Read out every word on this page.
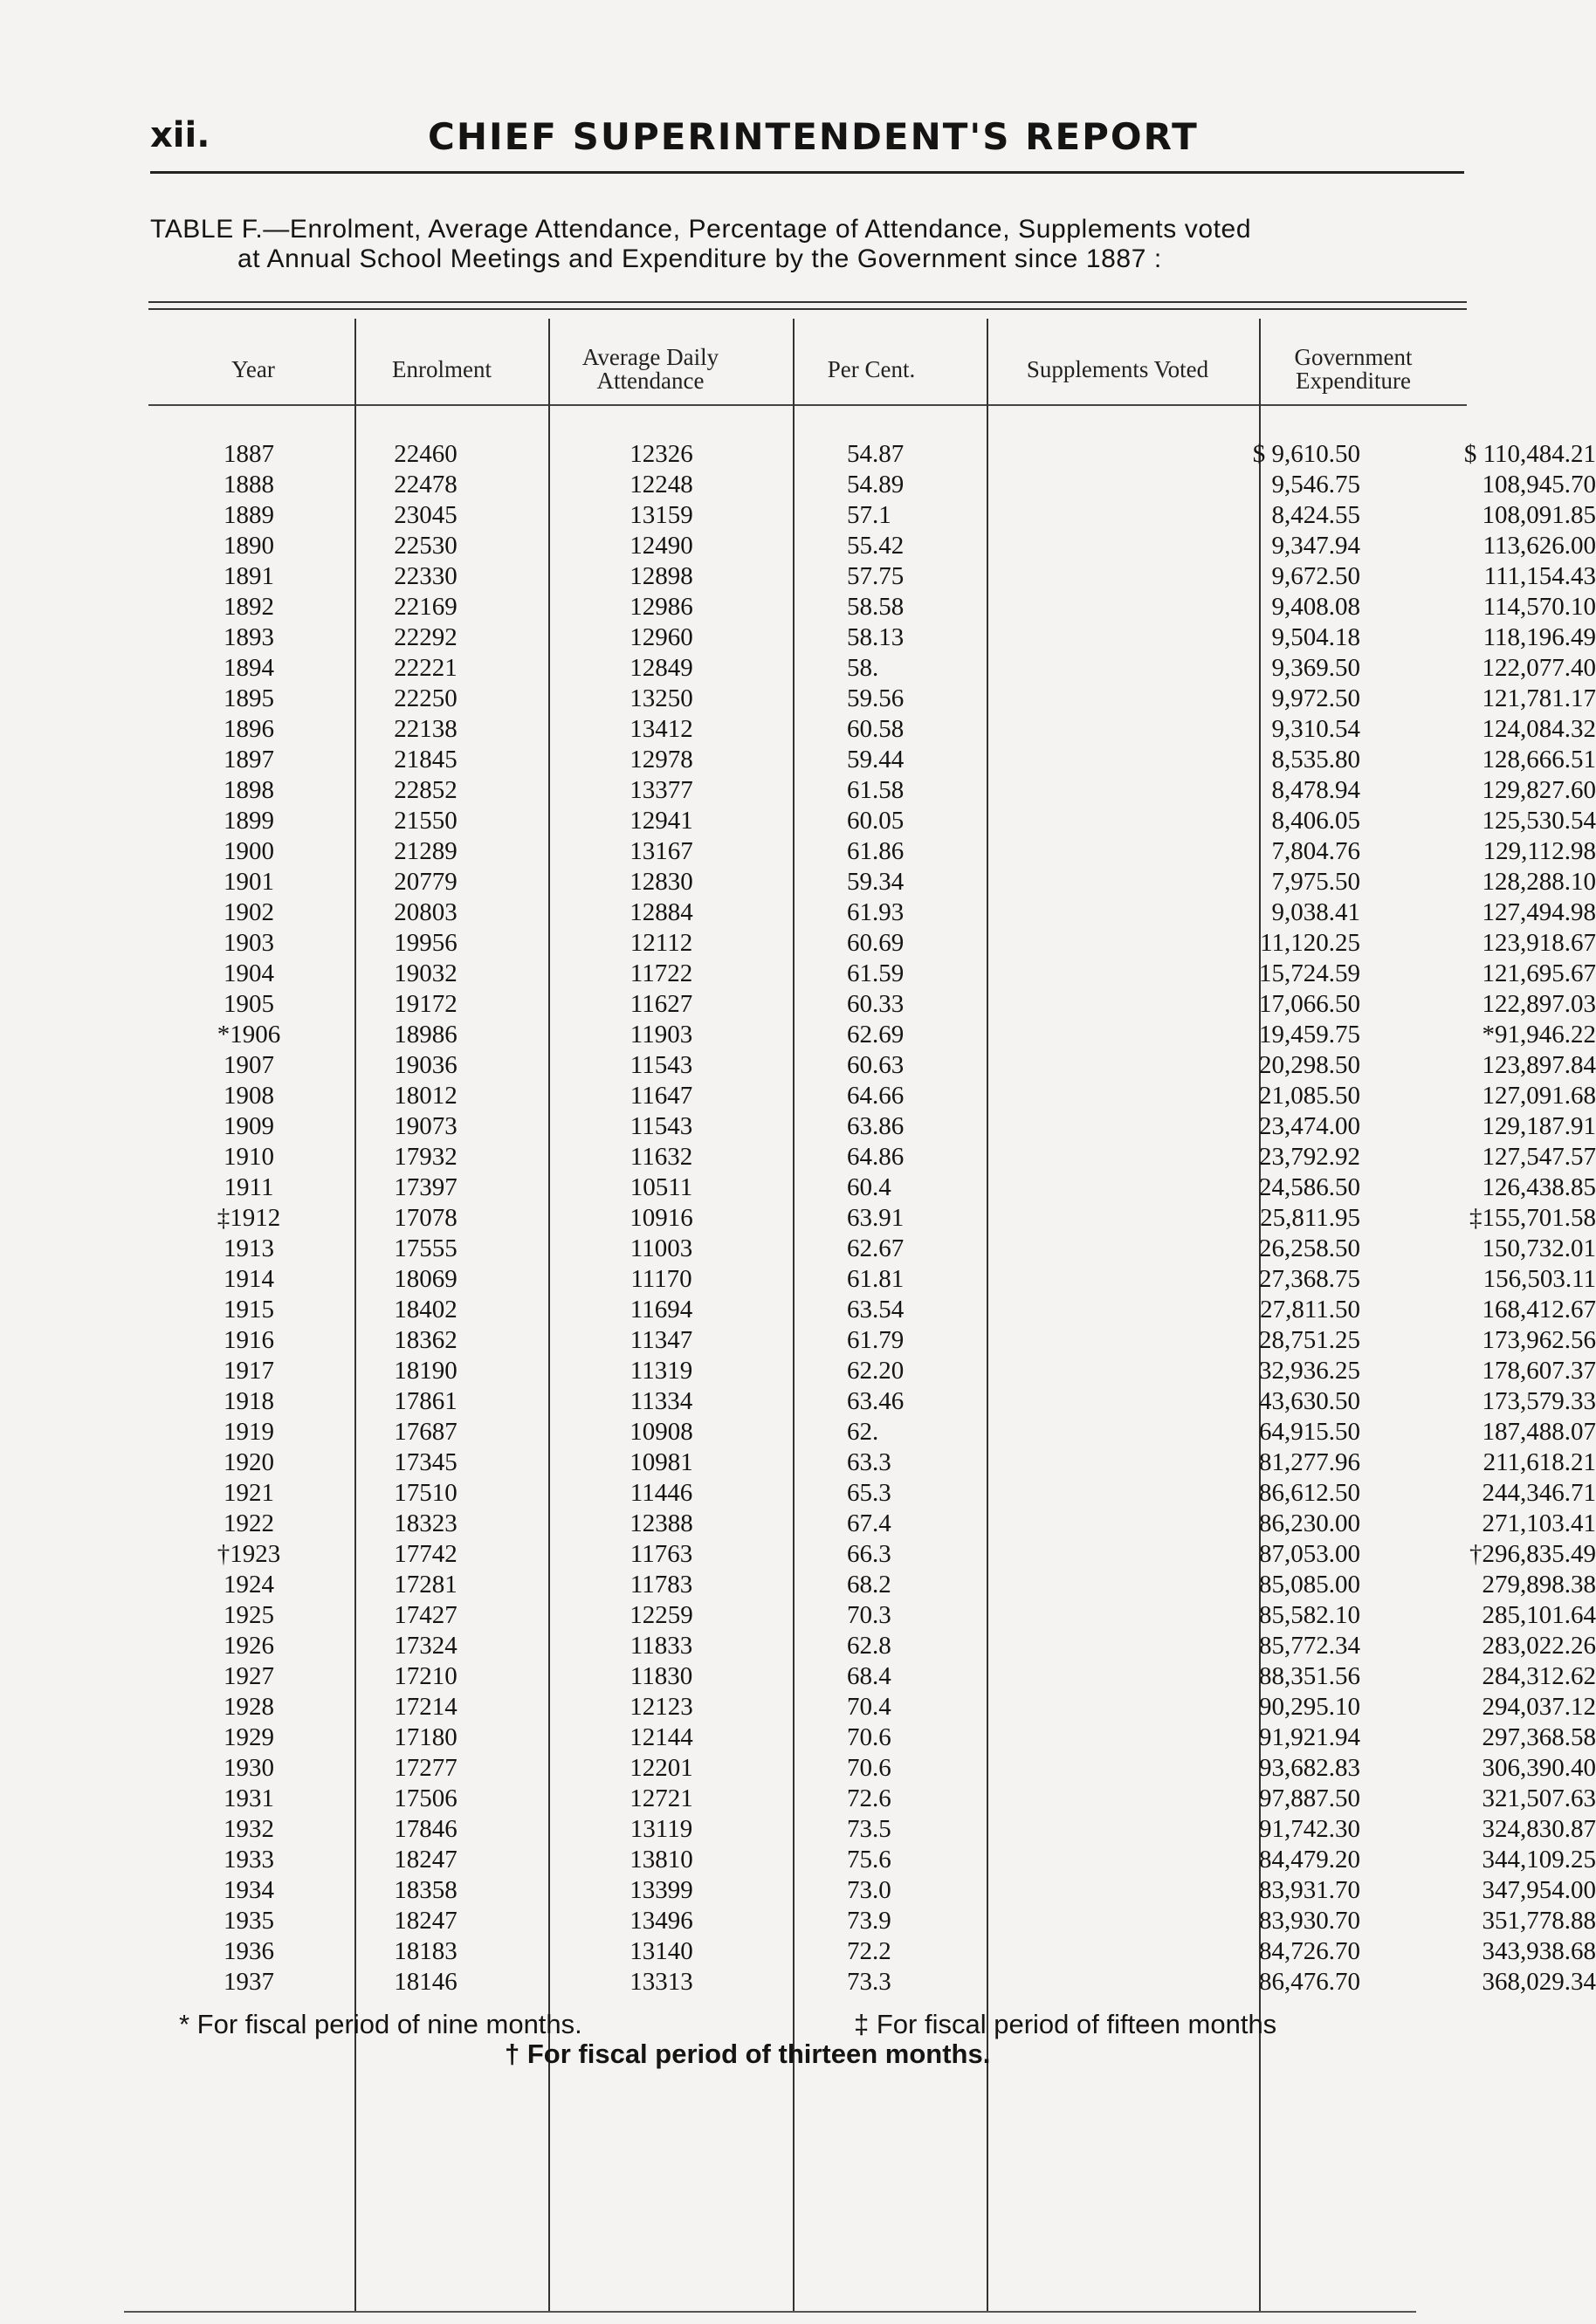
xii.	CHIEF SUPERINTENDENT'S REPORT
TABLE F.—Enrolment, Average Attendance, Percentage of Attendance, Supplements voted
at Annual School Meetings and Expenditure by the Government since 1887 :
Year	Enrolment	Average Daily Attendance	Per Cent.	Supplements Voted	Government Expenditure
1887	22460	12326	54.87	$ 9,610.50	$ 110,484.21
1888	22478	12248	54.89	9,546.75	108,945.70
1889	23045	13159	57.1	8,424.55	108,091.85
1890	22530	12490	55.42	9,347.94	113,626.00
1891	22330	12898	57.75	9,672.50	111,154.43
1892	22169	12986	58.58	9,408.08	114,570.10
1893	22292	12960	58.13	9,504.18	118,196.49
1894	22221	12849	58.	9,369.50	122,077.40
1895	22250	13250	59.56	9,972.50	121,781.17
1896	22138	13412	60.58	9,310.54	124,084.32
1897	21845	12978	59.44	8,535.80	128,666.51
1898	22852	13377	61.58	8,478.94	129,827.60
1899	21550	12941	60.05	8,406.05	125,530.54
1900	21289	13167	61.86	7,804.76	129,112.98
1901	20779	12830	59.34	7,975.50	128,288.10
1902	20803	12884	61.93	9,038.41	127,494.98
1903	19956	12112	60.69	11,120.25	123,918.67
1904	19032	11722	61.59	15,724.59	121,695.67
1905	19172	11627	60.33	17,066.50	122,897.03
*1906	18986	11903	62.69	19,459.75	*91,946.22
1907	19036	11543	60.63	20,298.50	123,897.84
1908	18012	11647	64.66	21,085.50	127,091.68
1909	19073	11543	63.86	23,474.00	129,187.91
1910	17932	11632	64.86	23,792.92	127,547.57
1911	17397	10511	60.4	24,586.50	126,438.85
‡1912	17078	10916	63.91	25,811.95	‡155,701.58
1913	17555	11003	62.67	26,258.50	150,732.01
1914	18069	11170	61.81	27,368.75	156,503.11
1915	18402	11694	63.54	27,811.50	168,412.67
1916	18362	11347	61.79	28,751.25	173,962.56
1917	18190	11319	62.20	32,936.25	178,607.37
1918	17861	11334	63.46	43,630.50	173,579.33
1919	17687	10908	62.	64,915.50	187,488.07
1920	17345	10981	63.3	81,277.96	211,618.21
1921	17510	11446	65.3	86,612.50	244,346.71
1922	18323	12388	67.4	86,230.00	271,103.41
†1923	17742	11763	66.3	87,053.00	†296,835.49
1924	17281	11783	68.2	85,085.00	279,898.38
1925	17427	12259	70.3	85,582.10	285,101.64
1926	17324	11833	62.8	85,772.34	283,022.26
1927	17210	11830	68.4	88,351.56	284,312.62
1928	17214	12123	70.4	90,295.10	294,037.12
1929	17180	12144	70.6	91,921.94	297,368.58
1930	17277	12201	70.6	93,682.83	306,390.40
1931	17506	12721	72.6	97,887.50	321,507.63
1932	17846	13119	73.5	91,742.30	324,830.87
1933	18247	13810	75.6	84,479.20	344,109.25
1934	18358	13399	73.0	83,931.70	347,954.00
1935	18247	13496	73.9	83,930.70	351,778.88
1936	18183	13140	72.2	84,726.70	343,938.68
1937	18146	13313	73.3	86,476.70	368,029.34
* For fiscal period of nine months.	‡ For fiscal period of fifteen months
† For fiscal period of thirteen months.
